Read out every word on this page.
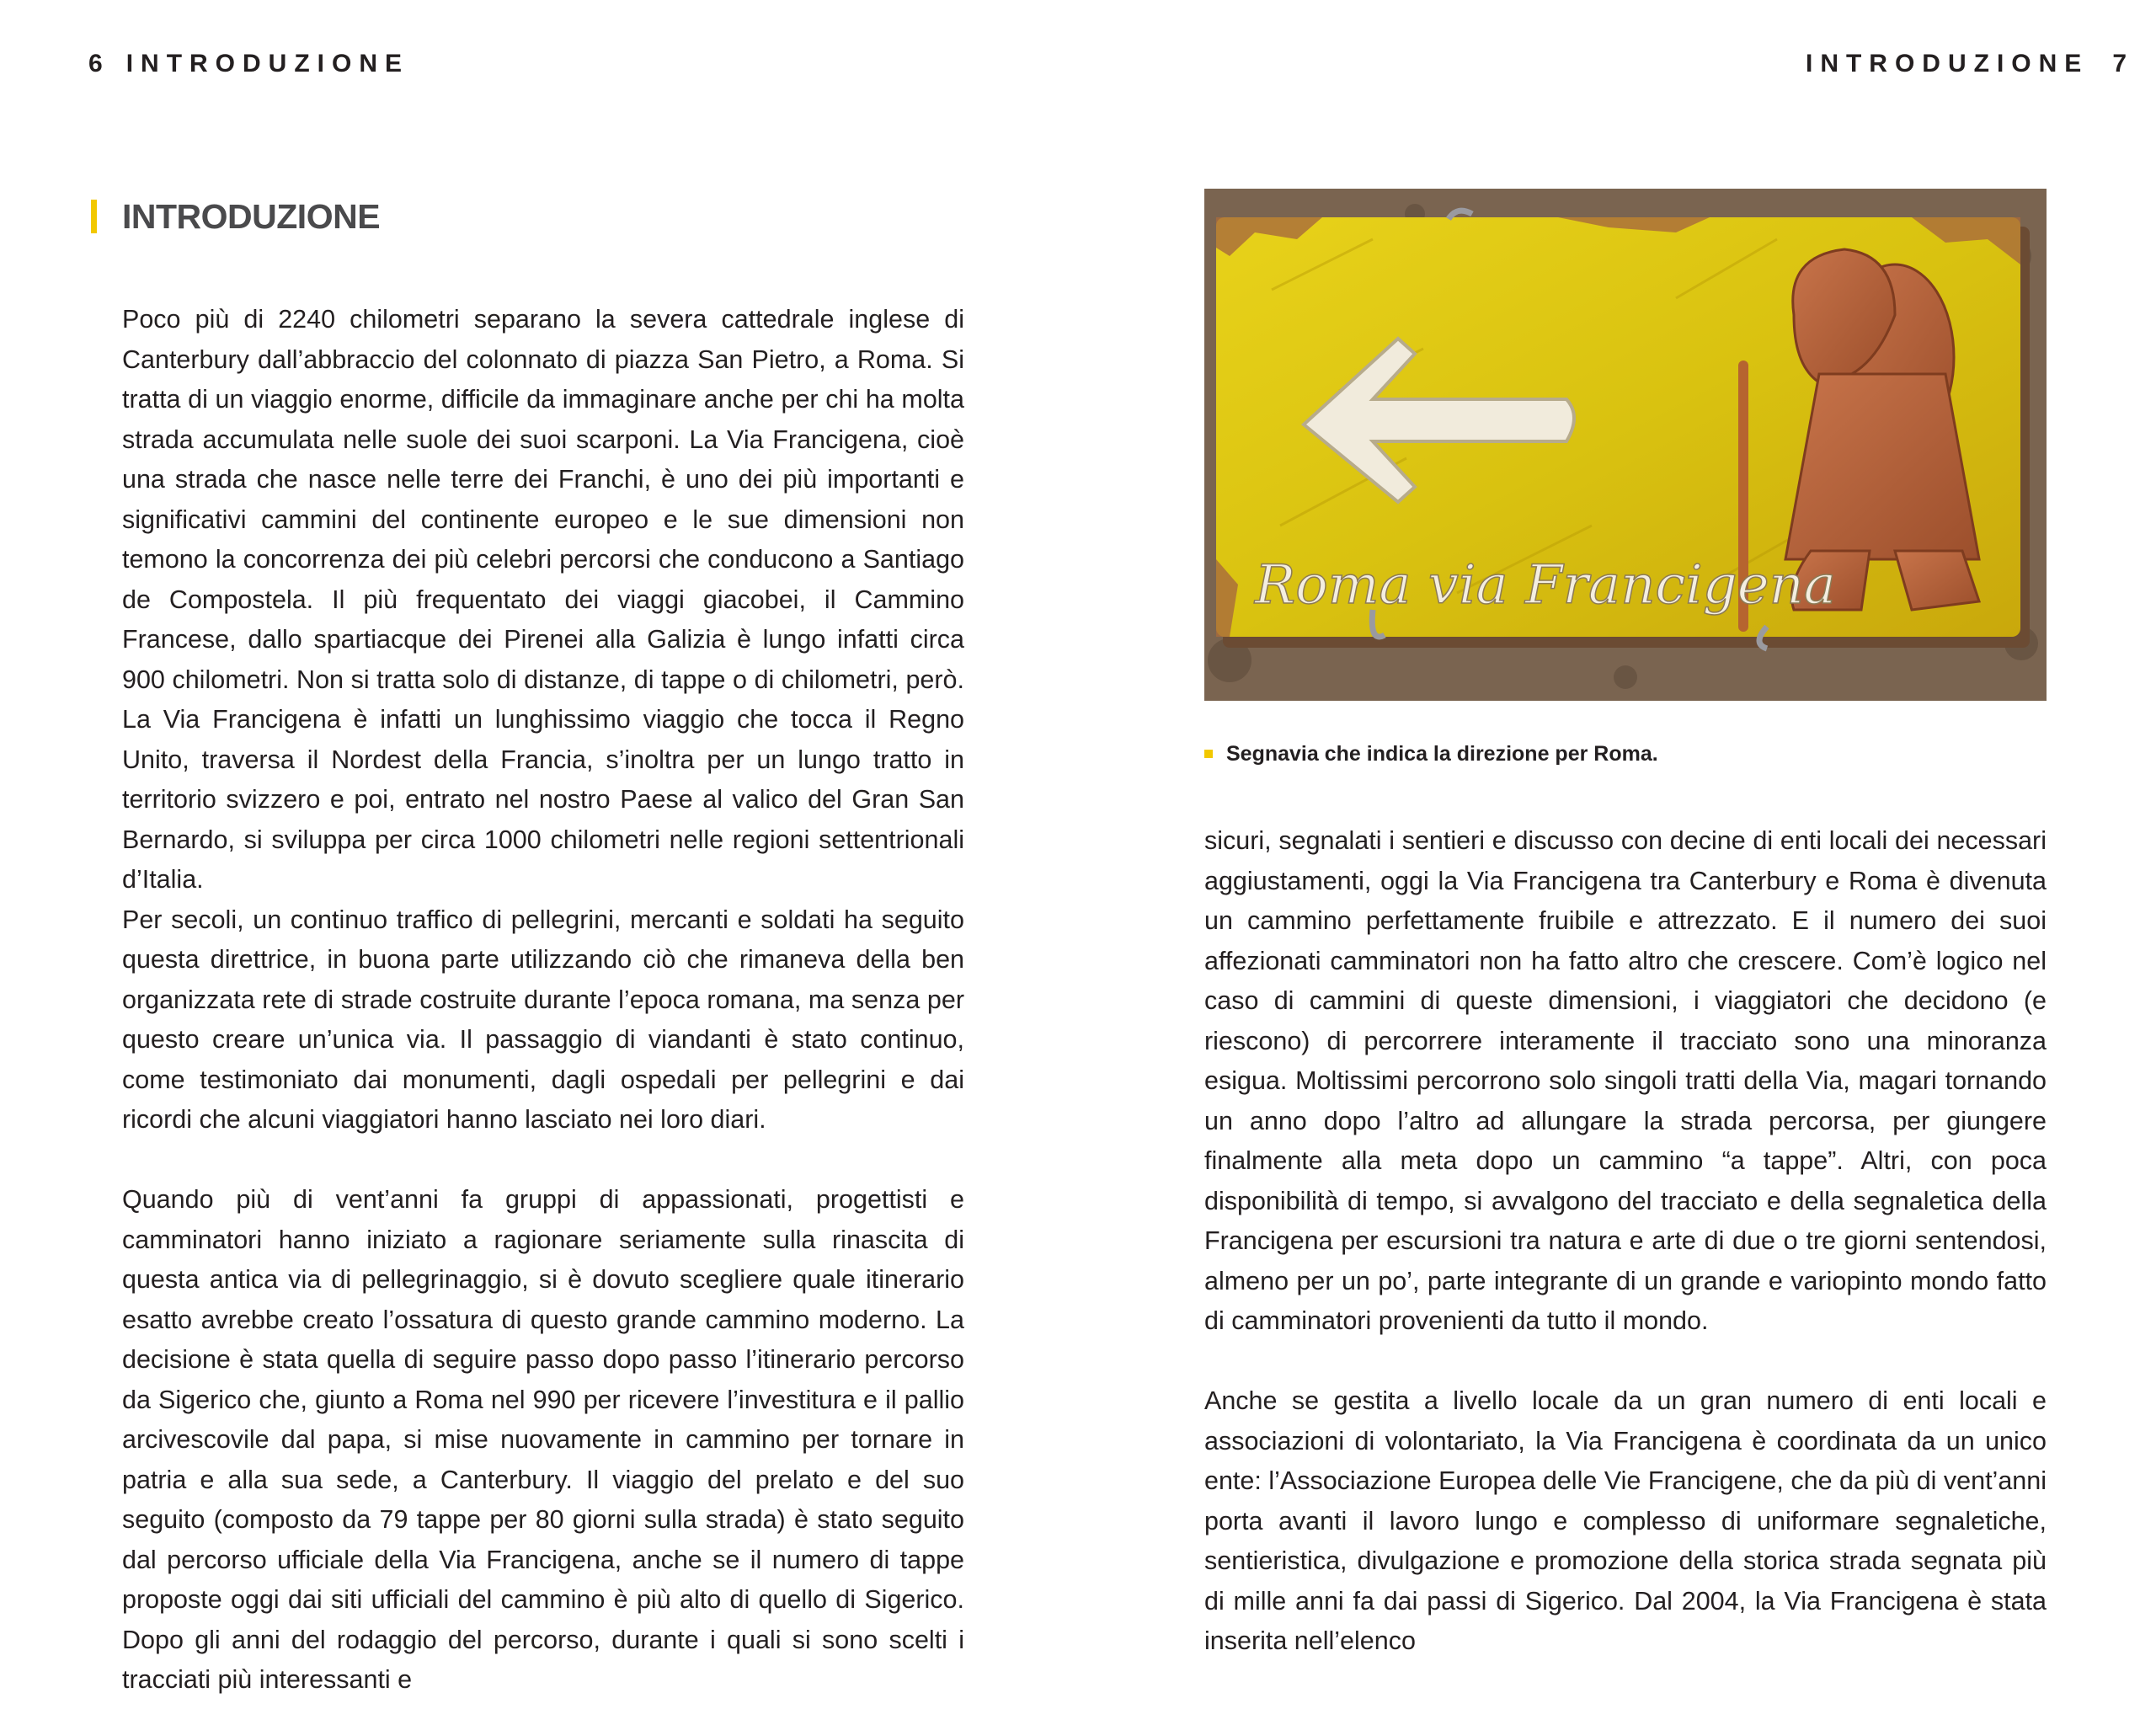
6 INTRODUZIONE
INTRODUZIONE

Poco più di 2240 chilometri separano la severa cattedrale inglese di Canterbury dall’abbraccio del colonnato di piazza San Pietro, a Roma. Si tratta di un viaggio enorme, difficile da immaginare anche per chi ha molta strada accumulata nelle suole dei suoi scarponi. La Via Francigena, cioè una strada che nasce nelle terre dei Franchi, è uno dei più importanti e significativi cammini del continente europeo e le sue dimensioni non temono la concorrenza dei più celebri percorsi che conducono a Santiago de Compostela. Il più frequentato dei viaggi giacobei, il Cammino Francese, dallo spartiacque dei Pirenei alla Galizia è lungo infatti circa 900 chilometri. Non si tratta solo di distanze, di tappe o di chilometri, però. La Via Francigena è infatti un lunghissimo viaggio che tocca il Regno Unito, traversa il Nordest della Francia, s’inoltra per un lungo tratto in territorio svizzero e poi, entrato nel nostro Paese al valico del Gran San Bernardo, si sviluppa per circa 1000 chilometri nelle regioni settentrionali d’Italia.

Per secoli, un continuo traffico di pellegrini, mercanti e soldati ha seguito questa direttrice, in buona parte utilizzando ciò che rimaneva della ben organizzata rete di strade costruite durante l’epoca romana, ma senza per questo creare un’unica via. Il passaggio di viandanti è stato continuo, come testimoniato dai monumenti, dagli ospedali per pellegrini e dai ricordi che alcuni viaggiatori hanno lasciato nei loro diari.

Quando più di vent’anni fa gruppi di appassionati, progettisti e camminatori hanno iniziato a ragionare seriamente sulla rinascita di questa antica via di pellegrinaggio, si è dovuto scegliere quale itinerario esatto avrebbe creato l’ossatura di questo grande cammino moderno. La decisione è stata quella di seguire passo dopo passo l’itinerario percorso da Sigerico che, giunto a Roma nel 990 per ricevere l’investitura e il pallio arcivescovile dal papa, si mise nuovamente in cammino per tornare in patria e alla sua sede, a Canterbury. Il viaggio del prelato e del suo seguito (composto da 79 tappe per 80 giorni sulla strada) è stato seguito dal percorso ufficiale della Via Francigena, anche se il numero di tappe proposte oggi dai siti ufficiali del cammino è più alto di quello di Sigerico. Dopo gli anni del rodaggio del percorso, durante i quali si sono scelti i tracciati più interessanti e

INTRODUZIONE 7
Roma via Francigena
Segnavia che indica la direzione per Roma.

sicuri, segnalati i sentieri e discusso con decine di enti locali dei necessari aggiustamenti, oggi la Via Francigena tra Canterbury e Roma è divenuta un cammino perfettamente fruibile e attrezzato. E il numero dei suoi affezionati camminatori non ha fatto altro che crescere. Com’è logico nel caso di cammini di queste dimensioni, i viaggiatori che decidono (e riescono) di percorrere interamente il tracciato sono una minoranza esigua. Moltissimi percorrono solo singoli tratti della Via, magari tornando un anno dopo l’altro ad allungare la strada percorsa, per giungere finalmente alla meta dopo un cammino “a tappe”. Altri, con poca disponibilità di tempo, si avvalgono del tracciato e della segnaletica della Francigena per escursioni tra natura e arte di due o tre giorni sentendosi, almeno per un po’, parte integrante di un grande e variopinto mondo fatto di camminatori provenienti da tutto il mondo.

Anche se gestita a livello locale da un gran numero di enti locali e associazioni di volontariato, la Via Francigena è coordinata da un unico ente: l’Associazione Europea delle Vie Francigene, che da più di vent’anni porta avanti il lavoro lungo e complesso di uniformare segnaletiche, sentieristica, divulgazione e promozione della storica strada segnata più di mille anni fa dai passi di Sigerico. Dal 2004, la Via Francigena è stata inserita nell’elenco
